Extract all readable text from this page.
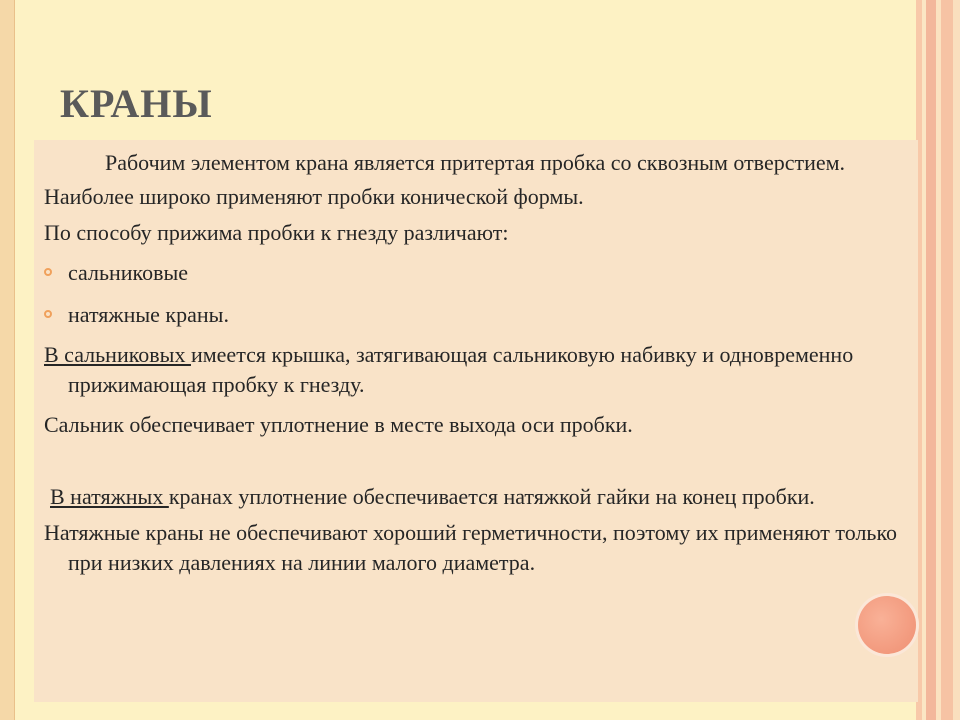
КРАНЫ

Рабочим элементом крана является притертая пробка со сквозным отверстием.

Наиболее широко применяют пробки конической формы.

По способу прижима пробки к гнезду различают:

сальниковые
натяжные краны.

В сальниковых имеется крышка, затягивающая сальниковую набивку и одновременно прижимающая пробку к гнезду.

Сальник обеспечивает уплотнение в месте выхода оси пробки.

В натяжных кранах уплотнение обеспечивается натяжкой гайки на конец пробки.

Натяжные краны не обеспечивают хороший герметичности, поэтому их применяют только при низких давлениях на линии малого диаметра.
